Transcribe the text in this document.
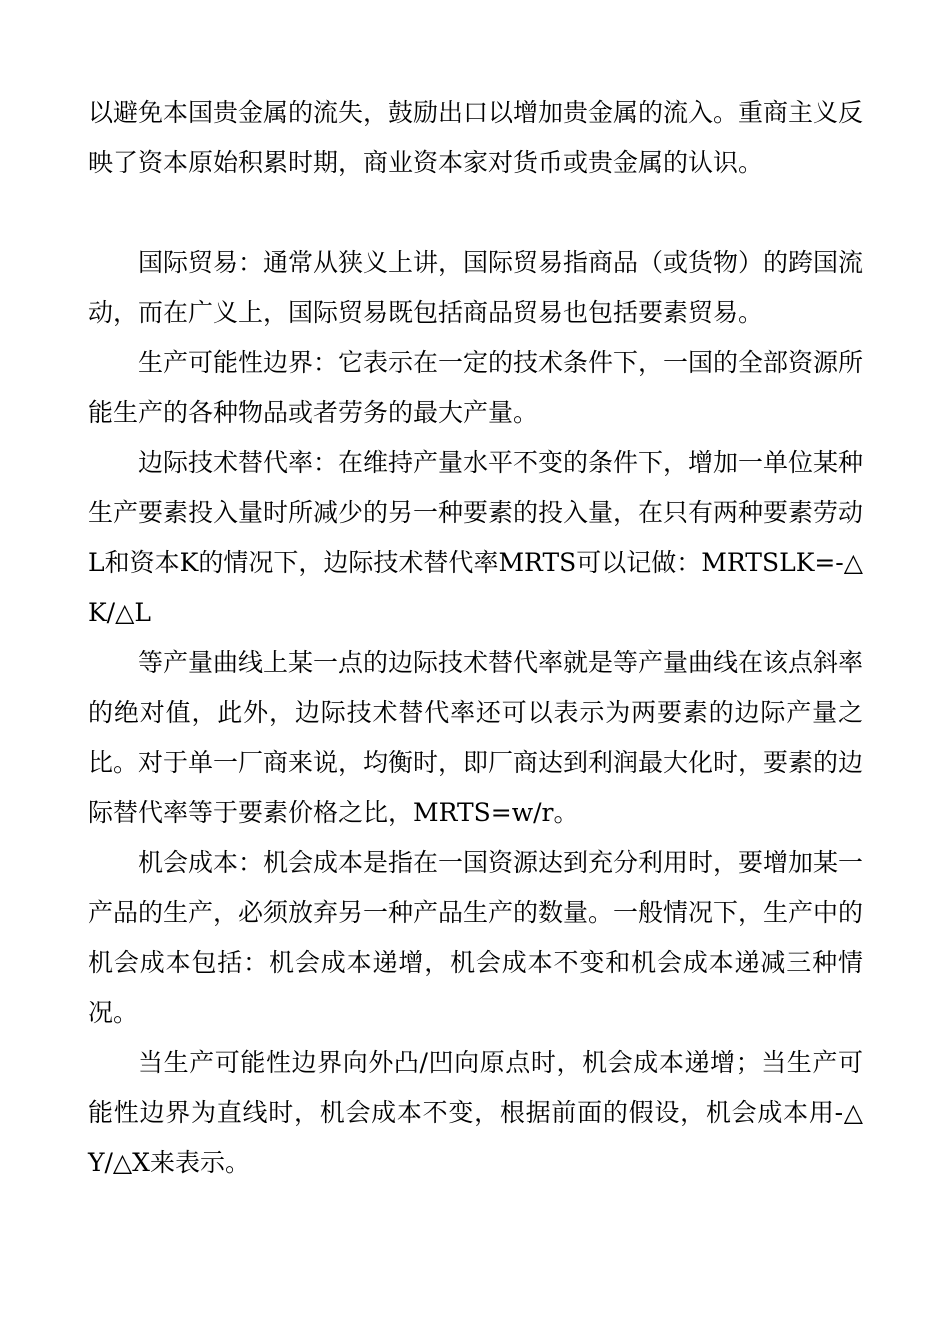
以避免本国贵金属的流失，鼓励出口以增加贵金属的流入。重商主义反映了资本原始积累时期，商业资本家对货币或贵金属的认识。

国际贸易：通常从狭义上讲，国际贸易指商品（或货物）的跨国流动，而在广义上，国际贸易既包括商品贸易也包括要素贸易。

生产可能性边界：它表示在一定的技术条件下，一国的全部资源所能生产的各种物品或者劳务的最大产量。

边际技术替代率：在维持产量水平不变的条件下，增加一单位某种生产要素投入量时所减少的另一种要素的投入量，在只有两种要素劳动L和资本K的情况下，边际技术替代率MRTS可以记做：MRTSLK=-△K/△L

等产量曲线上某一点的边际技术替代率就是等产量曲线在该点斜率的绝对值，此外，边际技术替代率还可以表示为两要素的边际产量之比。对于单一厂商来说，均衡时，即厂商达到利润最大化时，要素的边际替代率等于要素价格之比，MRTS=w/r。

机会成本：机会成本是指在一国资源达到充分利用时，要增加某一产品的生产，必须放弃另一种产品生产的数量。一般情况下，生产中的机会成本包括：机会成本递增，机会成本不变和机会成本递减三种情况。

当生产可能性边界向外凸/凹向原点时，机会成本递增；当生产可能性边界为直线时，机会成本不变，根据前面的假设，机会成本用-△Y/△X来表示。
